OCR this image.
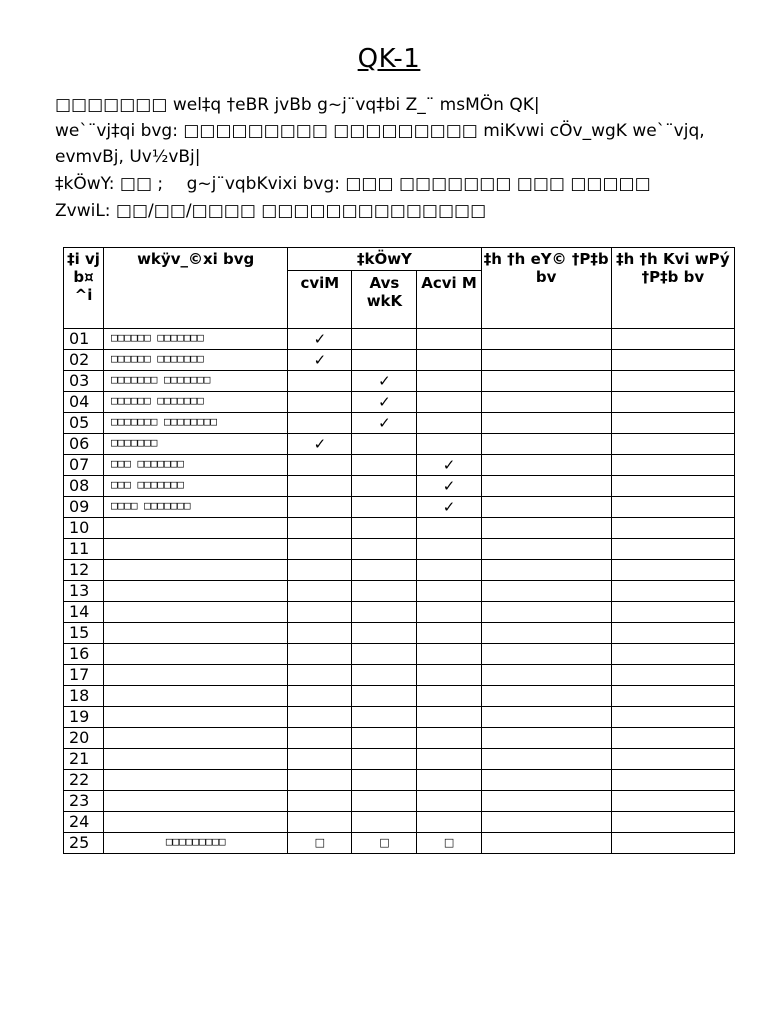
QK-1
□□□□□□□ wel‡q †eBR jvBb g~j¨vq‡bi Z_¨ msMÖn QK|
we`¨vj‡qi bvg: □□□□□□□□□ □□□□□□□□□ miKvwi cÖv_wgK we`¨vjq,
evmvBj, Uv½vBj|
‡kÖwY: □□ ; g~j¨vqbKvixi bvg: □□□ □□□□□□□ □□□ □□□□□
ZvwiL: □□/□□/□□□□ □□□□□□□□□□□□□□
‡i vj b¤ ^i	wkÿv_©xi bvg	‡kÖwY			‡h †h eY© †P‡b bv	‡h †h Kvi wPý †P‡b bv
		cviM	Avs wkK	Acvi M		
01	□□□□□□ □□□□□□□	✓				
02	□□□□□□ □□□□□□□	✓				
03	□□□□□□□ □□□□□□□		✓			
04	□□□□□□ □□□□□□□		✓			
05	□□□□□□□ □□□□□□□□		✓			
06	□□□□□□□	✓				
07	□□□ □□□□□□□			✓		
08	□□□ □□□□□□□			✓		
09	□□□□ □□□□□□□			✓		
10						
11						
12						
13						
14						
15						
16						
17						
18						
19						
20						
21						
22						
23						
24						
25	□□□□□□□□□	□	□	□		
